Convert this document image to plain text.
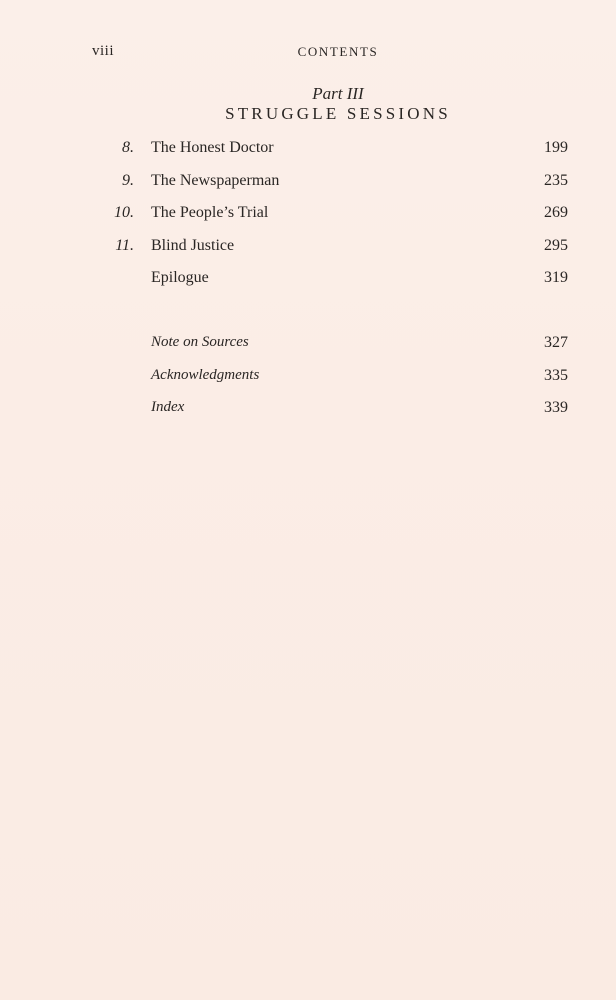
viii	CONTENTS
Part III
STRUGGLE SESSIONS
8. The Honest Doctor	199
9. The Newspaperman	235
10. The People’s Trial	269
11. Blind Justice	295
Epilogue	319
Note on Sources	327
Acknowledgments	335
Index	339
